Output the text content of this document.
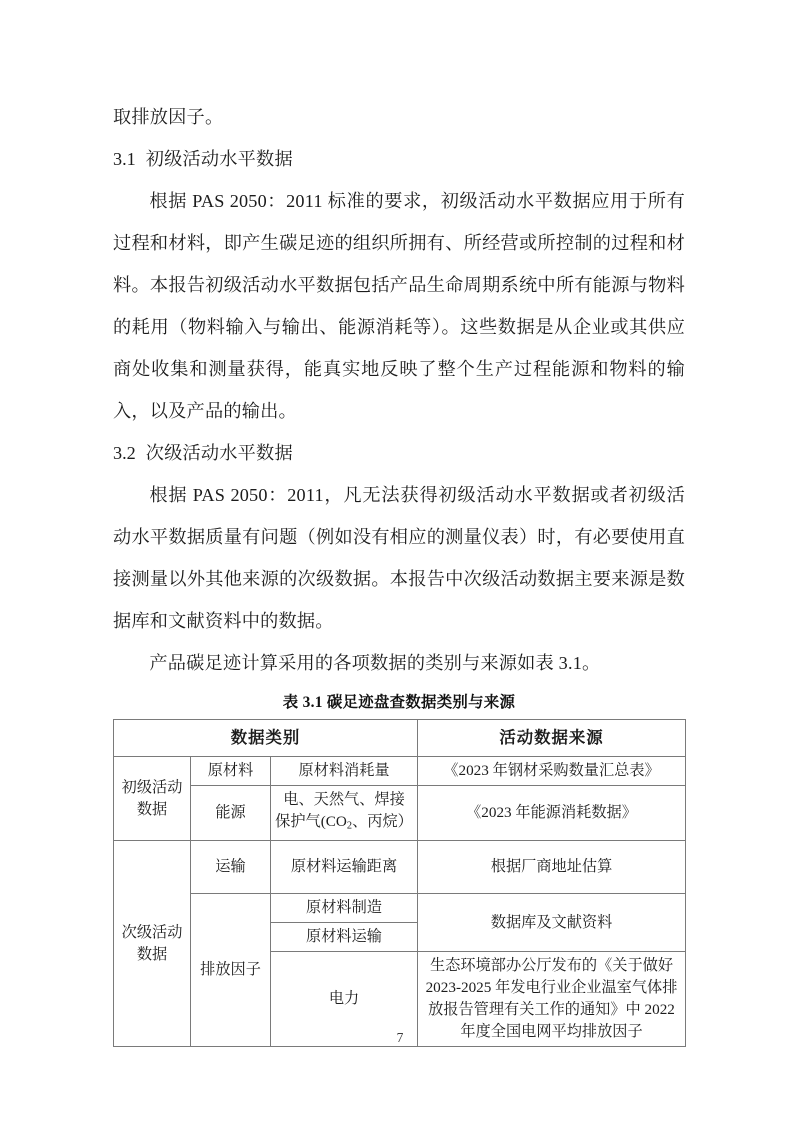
取排放因子。

3.1 初级活动水平数据

根据 PAS 2050：2011 标准的要求，初级活动水平数据应用于所有过程和材料，即产生碳足迹的组织所拥有、所经营或所控制的过程和材料。本报告初级活动水平数据包括产品生命周期系统中所有能源与物料的耗用（物料输入与输出、能源消耗等）。这些数据是从企业或其供应商处收集和测量获得，能真实地反映了整个生产过程能源和物料的输入，以及产品的输出。

3.2 次级活动水平数据

根据 PAS 2050：2011，凡无法获得初级活动水平数据或者初级活动水平数据质量有问题（例如没有相应的测量仪表）时，有必要使用直接测量以外其他来源的次级数据。本报告中次级活动数据主要来源是数据库和文献资料中的数据。

产品碳足迹计算采用的各项数据的类别与来源如表 3.1。

表 3.1 碳足迹盘查数据类别与来源
数据类别			活动数据来源
初级活动数据	原材料	原材料消耗量	《2023 年钢材采购数量汇总表》
	能源	电、天然气、焊接
保护气($CO_2$、丙烷）	《2023 年能源消耗数据》
次级活动数据	运输	原材料运输距离	根据厂商地址估算
	排放因子	原材料制造	数据库及文献资料
		原材料运输	
		电力	生态环境部办公厅发布的《关于做好 2023-2025 年发电行业企业温室气体排放报告管理有关工作的通知》中 2022 年度全国电网平均排放因子
7
